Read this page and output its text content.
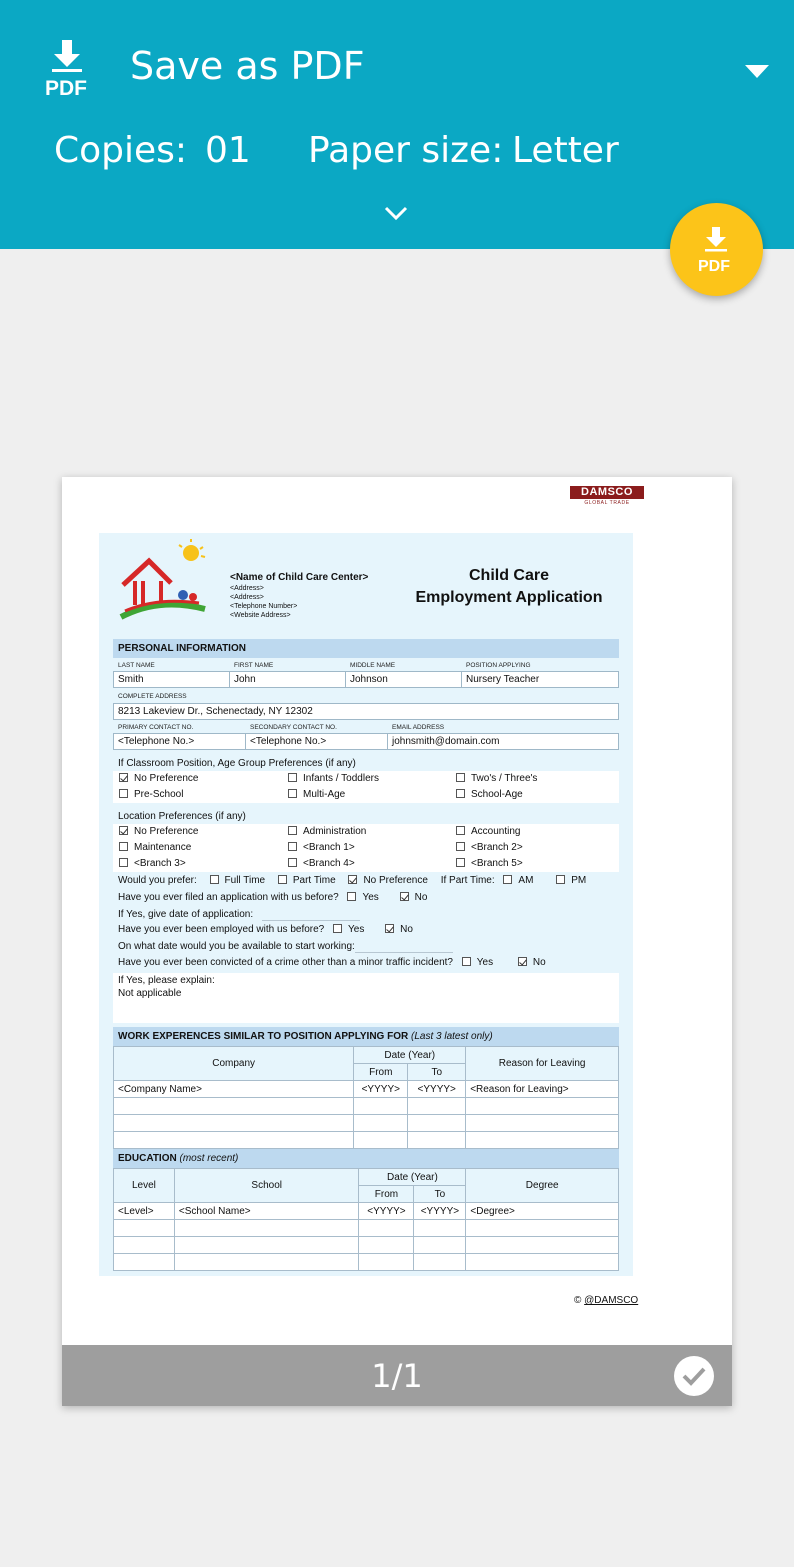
PDF
Save as PDF
Copies: 01 Paper size: Letter
PDF
DAMSCO
GLOBAL TRADE
<Name of Child Care Center>
<Address>
<Address>
<Telephone Number>
<Website Address>
Child Care
Employment Application
PERSONAL INFORMATION
LAST NAME	FIRST NAME	MIDDLE NAME	POSITION APPLYING
Smith	John	Johnson	Nursery Teacher
COMPLETE ADDRESS
8213 Lakeview Dr., Schenectady, NY 12302
PRIMARY CONTACT NO.	SECONDARY CONTACT NO.	EMAIL ADDRESS
<Telephone No.>	<Telephone No.>	johnsmith@domain.com
If Classroom Position, Age Group Preferences (if any)
No Preference	Infants / Toddlers	Two's / Three's
Pre-School	Multi-Age	School-Age
Location Preferences (if any)
No Preference	Administration	Accounting
Maintenance	<Branch 1>	<Branch 2>
<Branch 3>	<Branch 4>	<Branch 5>
Would you prefer:	Full Time	Part Time	No Preference If Part Time: AM	PM
Have you ever filed an application with us before? Yes	No
If Yes, give date of application:
Have you ever been employed with us before? Yes	No
On what date would you be available to start working:
Have you ever been convicted of a crime other than a minor traffic incident? Yes	No
If Yes, please explain:
Not applicable
WORK EXPERENCES SIMILAR TO POSITION APPLYING FOR (Last 3 latest only)
Company	Date (Year)		Reason for Leaving
	From	To	
<Company Name>	<YYYY>	<YYYY>	<Reason for Leaving>

EDUCATION (most recent)
Level	School	Date (Year)		Degree
		From	To	
<Level>	<School Name>	<YYYY>	<YYYY>	<Degree>

© @DAMSCO
1/1
